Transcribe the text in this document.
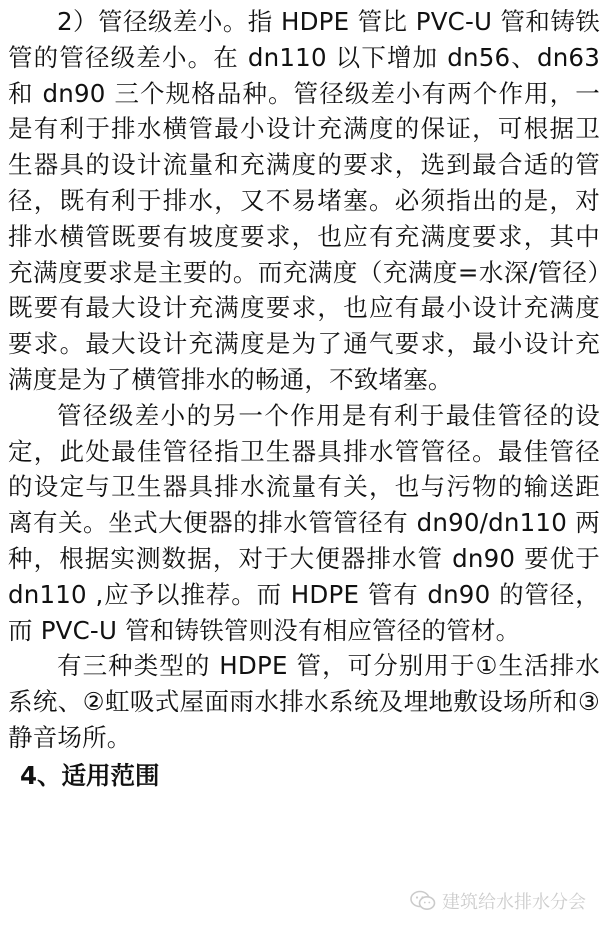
2）管径级差小。指 HDPE 管比 PVC-U 管和铸铁管的管径级差小。在 dn110 以下增加 dn56、dn63 和 dn90 三个规格品种。管径级差小有两个作用，一是有利于排水横管最小设计充满度的保证，可根据卫生器具的设计流量和充满度的要求，选到最合适的管径，既有利于排水，又不易堵塞。必须指出的是，对排水横管既要有坡度要求，也应有充满度要求，其中充满度要求是主要的。而充满度（充满度=水深/管径）既要有最大设计充满度要求，也应有最小设计充满度要求。最大设计充满度是为了通气要求，最小设计充满度是为了横管排水的畅通，不致堵塞。

管径级差小的另一个作用是有利于最佳管径的设定，此处最佳管径指卫生器具排水管管径。最佳管径的设定与卫生器具排水流量有关，也与污物的输送距离有关。坐式大便器的排水管管径有 dn90/dn110 两种，根据实测数据，对于大便器排水管 dn90 要优于 dn110 ,应予以推荐。而 HDPE 管有 dn90 的管径，而 PVC-U 管和铸铁管则没有相应管径的管材。

有三种类型的 HDPE 管，可分别用于①生活排水系统、②虹吸式屋面雨水排水系统及埋地敷设场所和③静音场所。

4、适用范围
建筑给水排水分会
